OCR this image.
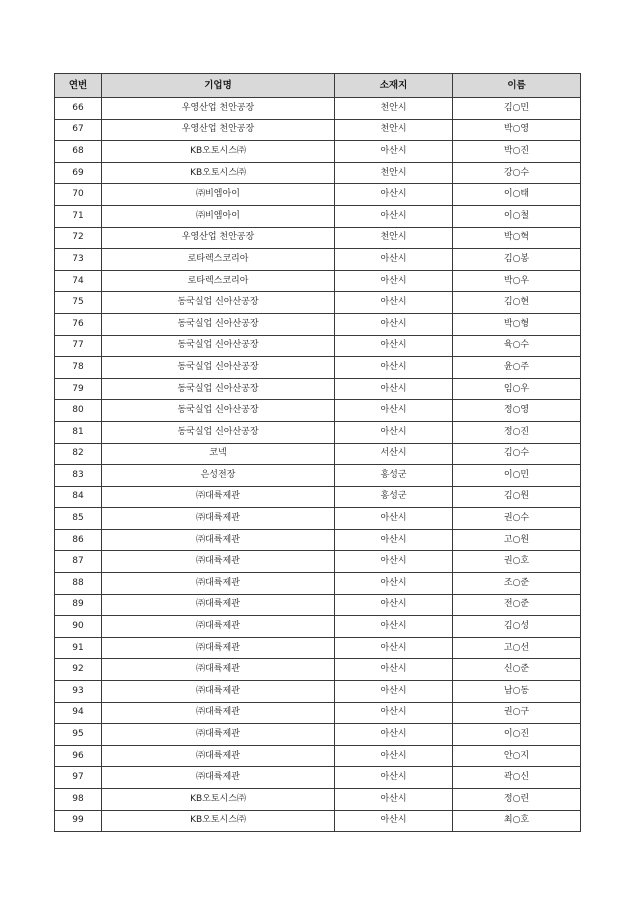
연번	기업명	소재지	이름
66	우영산업 천안공장	천안시	김○민
67	우영산업 천안공장	천안시	박○영
68	KB오토시스㈜	아산시	박○진
69	KB오토시스㈜	천안시	강○수
70	㈜비엠아이	아산시	이○태
71	㈜비엠아이	아산시	이○철
72	우영산업 천안공장	천안시	박○혁
73	로타렉스코리아	아산시	김○봉
74	로타렉스코리아	아산시	박○우
75	동국실업 신아산공장	아산시	김○현
76	동국실업 신아산공장	아산시	박○형
77	동국실업 신아산공장	아산시	육○수
78	동국실업 신아산공장	아산시	윤○주
79	동국실업 신아산공장	아산시	임○우
80	동국실업 신아산공장	아산시	정○영
81	동국실업 신아산공장	아산시	정○진
82	코넥	서산시	김○수
83	은성전장	홍성군	이○민
84	㈜대륙제관	홍성군	김○원
85	㈜대륙제관	아산시	권○수
86	㈜대륙제관	아산시	고○원
87	㈜대륙제관	아산시	권○호
88	㈜대륙제관	아산시	조○준
89	㈜대륙제관	아산시	전○준
90	㈜대륙제관	아산시	김○성
91	㈜대륙제관	아산시	고○선
92	㈜대륙제관	아산시	신○준
93	㈜대륙제관	아산시	남○동
94	㈜대륙제관	아산시	권○구
95	㈜대륙제관	아산시	이○진
96	㈜대륙제관	아산시	안○지
97	㈜대륙제관	아산시	곽○신
98	KB오토시스㈜	아산시	정○린
99	KB오토시스㈜	아산시	최○호
